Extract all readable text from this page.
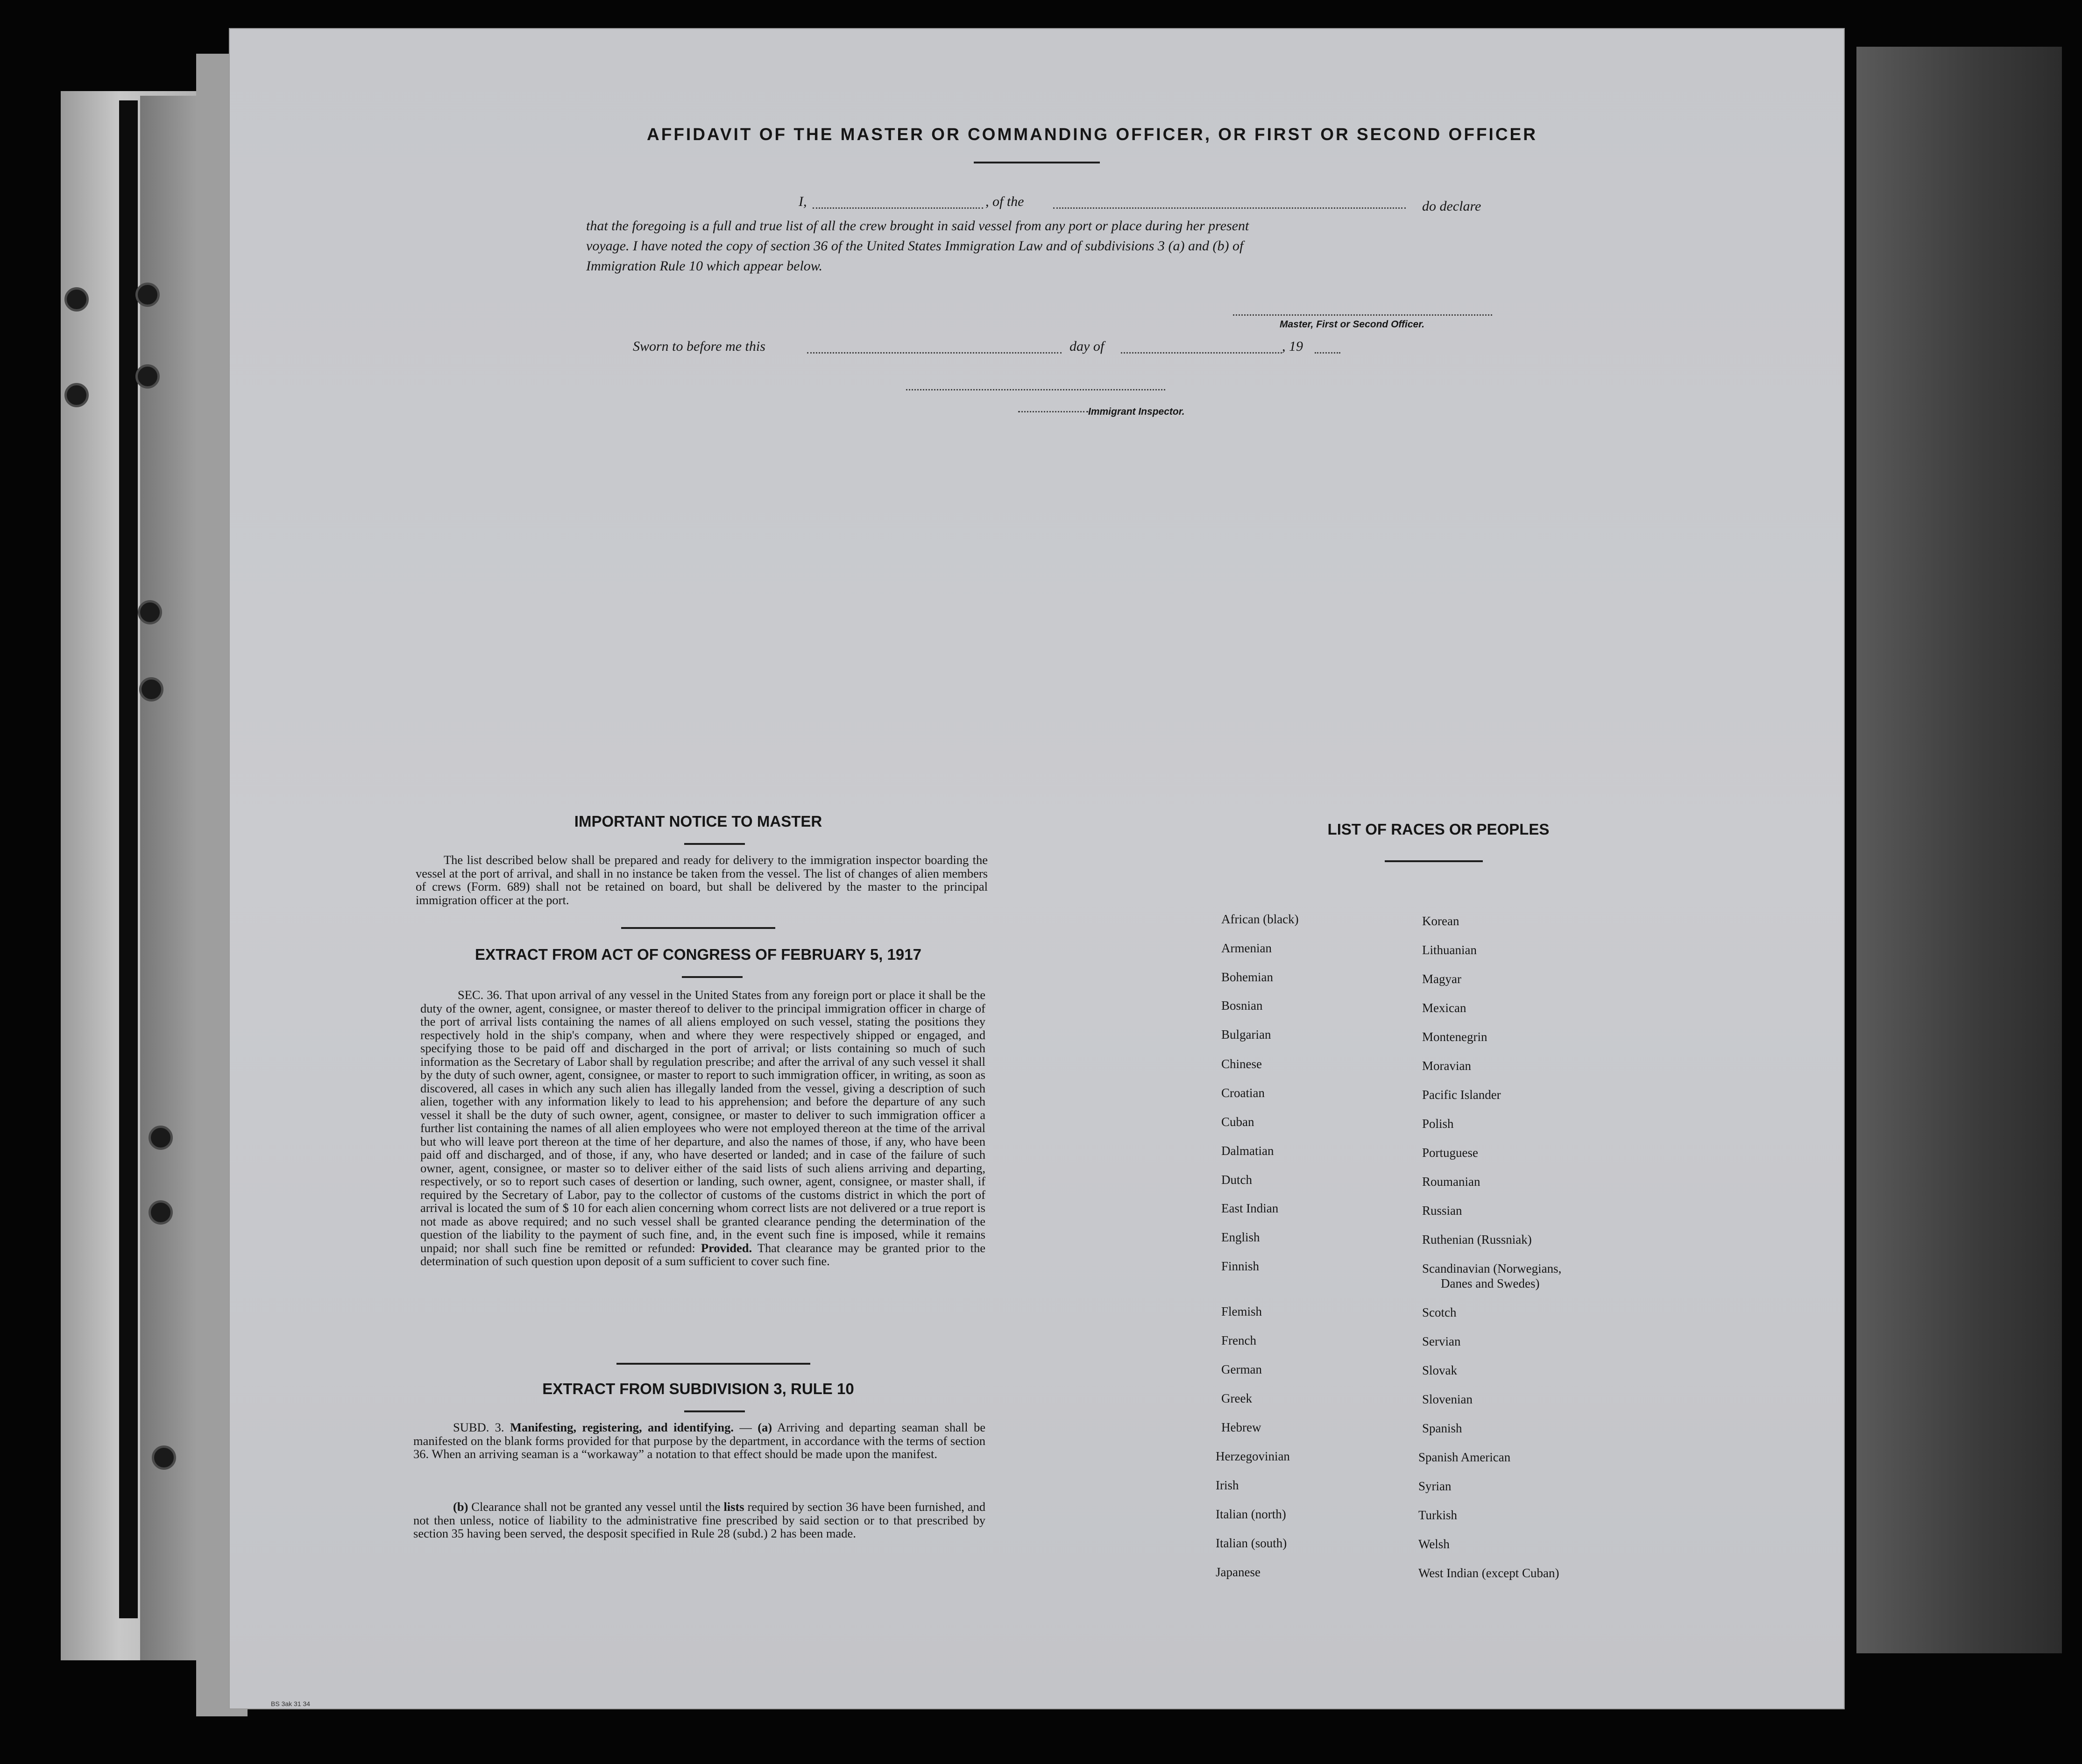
AFFIDAVIT OF THE MASTER OR COMMANDING OFFICER, OR FIRST OR SECOND OFFICER
I,	, of the	do declare
that the foregoing is a full and true list of all the crew brought in said vessel from any port or place during her present
voyage. I have noted the copy of section 36 of the United States Immigration Law and of subdivisions 3 (a) and (b) of
Immigration Rule 10 which appear below.
Master, First or Second Officer.
Sworn to before me this	day of	, 19
Immigrant Inspector.
IMPORTANT NOTICE TO MASTER
The list described below shall be prepared and ready for delivery to the immigration inspector boarding the vessel at the port of arrival, and shall in no instance be taken from the vessel. The list of changes of alien members of crews (Form. 689) shall not be retained on board, but shall be delivered by the master to the principal immigration officer at the port.
EXTRACT FROM ACT OF CONGRESS OF FEBRUARY 5, 1917
SEC. 36. That upon arrival of any vessel in the United States from any foreign port or place it shall be the duty of the owner, agent, consignee, or master thereof to deliver to the principal immigration officer in charge of the port of arrival lists containing the names of all aliens employed on such vessel, stating the positions they respectively hold in the ship's company, when and where they were respectively shipped or engaged, and specifying those to be paid off and discharged in the port of arrival; or lists containing so much of such information as the Secretary of Labor shall by regulation prescribe; and after the arrival of any such vessel it shall by the duty of such owner, agent, consignee, or master to report to such immigration officer, in writing, as soon as discovered, all cases in which any such alien has illegally landed from the vessel, giving a description of such alien, together with any information likely to lead to his apprehension; and before the departure of any such vessel it shall be the duty of such owner, agent, consignee, or master to deliver to such immigration officer a further list containing the names of all alien employees who were not employed thereon at the time of the arrival but who will leave port thereon at the time of her departure, and also the names of those, if any, who have been paid off and discharged, and of those, if any, who have deserted or landed; and in case of the failure of such owner, agent, consignee, or master so to deliver either of the said lists of such aliens arriving and departing, respectively, or so to report such cases of desertion or landing, such owner, agent, consignee, or master shall, if required by the Secretary of Labor, pay to the collector of customs of the customs district in which the port of arrival is located the sum of $ 10 for each alien concerning whom correct lists are not delivered or a true report is not made as above required; and no such vessel shall be granted clearance pending the determination of the question of the liability to the payment of such fine, and, in the event such fine is imposed, while it remains unpaid; nor shall such fine be remitted or refunded: Provided. That clearance may be granted prior to the determination of such question upon deposit of a sum sufficient to cover such fine.
EXTRACT FROM SUBDIVISION 3, RULE 10
SUBD. 3. Manifesting, registering, and identifying. — (a) Arriving and departing seaman shall be manifested on the blank forms provided for that purpose by the department, in accordance with the terms of section 36. When an arriving seaman is a “workaway” a notation to that effect should be made upon the manifest.
(b) Clearance shall not be granted any vessel until the lists required by section 36 have been furnished, and not then unless, notice of liability to the administrative fine prescribed by said section or to that prescribed by section 35 having been served, the desposit specified in Rule 28 (subd.) 2 has been made.
LIST OF RACES OR PEOPLES
African (black)
Armenian
Bohemian
Bosnian
Bulgarian
Chinese
Croatian
Cuban
Dalmatian
Dutch
East Indian
English
Finnish
Flemish
French
German
Greek
Hebrew
Herzegovinian
Irish
Italian (north)
Italian (south)
Japanese
Korean
Lithuanian
Magyar
Mexican
Montenegrin
Moravian
Pacific Islander
Polish
Portuguese
Roumanian
Russian
Ruthenian (Russniak)
Scandinavian (Norwegians,
Danes and Swedes)
Scotch
Servian
Slovak
Slovenian
Spanish
Spanish American
Syrian
Turkish
Welsh
West Indian (except Cuban)
BS 3ak 31 34
